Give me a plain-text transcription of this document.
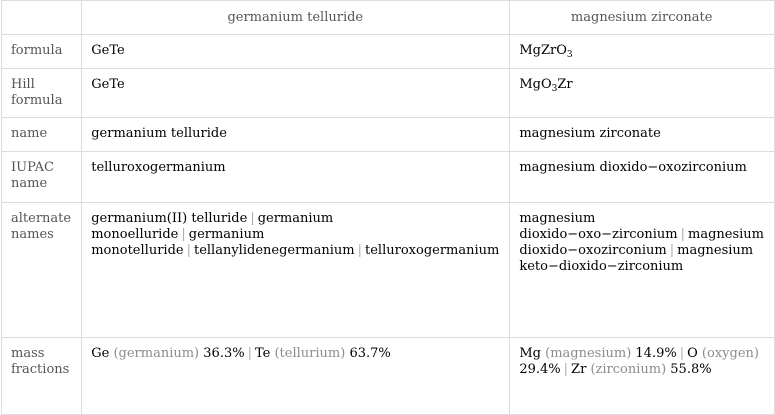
	germanium telluride	magnesium zirconate
formula	GeTe	MgZrO$_3$
Hill formula	GeTe	MgO$_3$Zr
name	germanium telluride	magnesium zirconate
IUPAC name	telluroxogermanium	magnesium dioxido−oxozirconium
alternate names	germanium(II) telluride | germanium monoelluride | germanium monotelluride | tellanylidenegermanium | telluroxogermanium	magnesium dioxido−oxo−zirconium | magnesium dioxido−oxozirconium | magnesium keto−dioxido−zirconium
mass fractions	Ge (germanium) 36.3% | Te (tellurium) 63.7%	Mg (magnesium) 14.9% | O (oxygen) 29.4% | Zr (zirconium) 55.8%
